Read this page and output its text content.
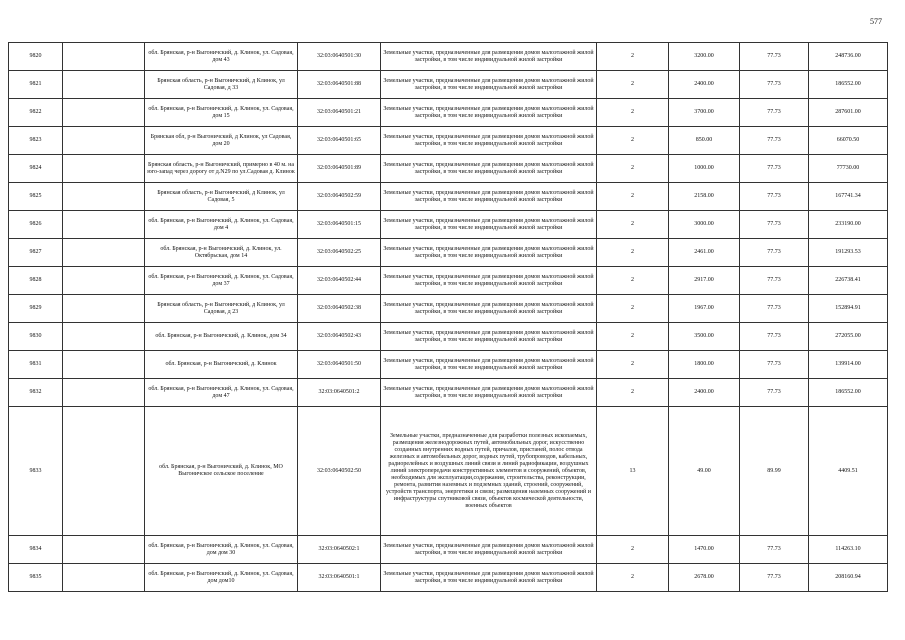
577
9820		обл. Брянская, р-н Выгоничский, д. Клинок, ул. Садовая, дом 43	32:03:0640501:30	Земельные участки, предназначенные для размещения домов малоэтажной жилой застройки, в том числе индивидуальной жилой застройки	2	3200.00	77.73	248736.00
9821		Брянская область, р-н Выгоничский, д Клинок, ул Садовая, д 33	32:03:0640501:88	Земельные участки, предназначенные для размещения домов малоэтажной жилой застройки, в том числе индивидуальной жилой застройки	2	2400.00	77.73	186552.00
9822		обл. Брянская, р-н Выгоничский, д. Клинок, ул. Садовая, дом 15	32:03:0640501:21	Земельные участки, предназначенные для размещения домов малоэтажной жилой застройки, в том числе индивидуальной жилой застройки	2	3700.00	77.73	287601.00
9823		Брянская обл, р-н Выгоничский, д Клинок, ул Садовая, дом 20	32:03:0640501:65	Земельные участки, предназначенные для размещения домов малоэтажной жилой застройки, в том числе индивидуальной жилой застройки	2	850.00	77.73	66070.50
9824		Брянская область, р-н Выгоничский, примерно в 40 м. на юго-запад через дорогу от д.N29 по ул.Садовая д. Клинок	32:03:0640501:89	Земельные участки, предназначенные для размещения домов малоэтажной жилой застройки, в том числе индивидуальной жилой застройки	2	1000.00	77.73	77730.00
9825		Брянская область, р-н Выгоничский, д Клинок, ул Садовая, 5	32:03:0640502:59	Земельные участки, предназначенные для размещения домов малоэтажной жилой застройки, в том числе индивидуальной жилой застройки	2	2158.00	77.73	167741.34
9826		обл. Брянская, р-н Выгоничский, д. Клинок, ул. Садовая, дом 4	32:03:0640501:15	Земельные участки, предназначенные для размещения домов малоэтажной жилой застройки, в том числе индивидуальной жилой застройки	2	3000.00	77.73	233190.00
9827		обл. Брянская, р-н Выгоничский, д. Клинок, ул. Октябрьская, дом 14	32:03:0640502:25	Земельные участки, предназначенные для размещения домов малоэтажной жилой застройки, в том числе индивидуальной жилой застройки	2	2461.00	77.73	191293.53
9828		обл. Брянская, р-н Выгоничский, д. Клинок, ул. Садовая, дом 37	32:03:0640502:44	Земельные участки, предназначенные для размещения домов малоэтажной жилой застройки, в том числе индивидуальной жилой застройки	2	2917.00	77.73	226738.41
9829		Брянская область, р-н Выгоничский, д Клинок, ул Садовая, д 23	32:03:0640502:38	Земельные участки, предназначенные для размещения домов малоэтажной жилой застройки, в том числе индивидуальной жилой застройки	2	1967.00	77.73	152894.91
9830		обл. Брянская, р-н Выгоничский, д. Клинок, дом 34	32:03:0640502:43	Земельные участки, предназначенные для размещения домов малоэтажной жилой застройки, в том числе индивидуальной жилой застройки	2	3500.00	77.73	272055.00
9831		обл. Брянская, р-н Выгоничский, д. Клинок	32:03:0640501:50	Земельные участки, предназначенные для размещения домов малоэтажной жилой застройки, в том числе индивидуальной жилой застройки	2	1800.00	77.73	139914.00
9832		обл. Брянская, р-н Выгоничский, д. Клинок, ул. Садовая, дом 47	32:03:0640501:2	Земельные участки, предназначенные для размещения домов малоэтажной жилой застройки, в том числе индивидуальной жилой застройки	2	2400.00	77.73	186552.00
9833		обл. Брянская, р-н Выгоничский, д. Клинок, МО Выгоничское сельское поселение	32:03:0640502:50	Земельные участки, предназначенные для разработки полезных ископаемых, размещения железнодорожных путей, автомобильных дорог, искусственно созданных внутренних водных путей, причалов, пристаней, полос отвода железных и автомобильных дорог, водных путей, трубопроводов, кабельных, радиорелейных и воздушных линий связи и линий радиофикации, воздушных линий электропередачи конструктивных элементов и сооружений, объектов, необходимых для эксплуатации,содержания, строительства, реконструкции, ремонта, развития наземных и подземных зданий, строений, сооружений, устройств транспорта, энергетики и связи; размещения наземных сооружений и инфраструктуры спутниковой связи, объектов космической деятельности, военных объектов	13	49.00	89.99	4409.51
9834		обл. Брянская, р-н Выгоничский, д. Клинок, ул. Садовая, дом дом 30	32:03:0640502:1	Земельные участки, предназначенные для размещения домов малоэтажной жилой застройки, в том числе индивидуальной жилой застройки	2	1470.00	77.73	114263.10
9835		обл. Брянская, р-н Выгоничский, д. Клинок, ул. Садовая, дом дом10	32:03:0640501:1	Земельные участки, предназначенные для размещения домов малоэтажной жилой застройки, в том числе индивидуальной жилой застройки	2	2678.00	77.73	208160.94
